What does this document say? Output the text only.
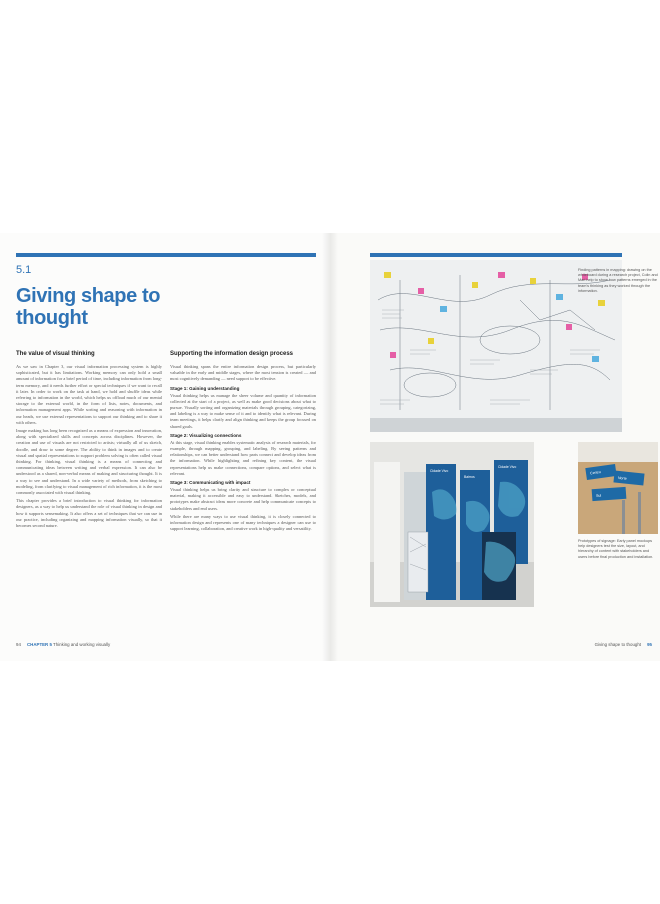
5.1
Giving shape to thought
The value of visual thinking

As we saw in Chapter 3, our visual information processing system is highly sophisticated, but it has limitations. Working memory can only hold a small amount of information for a brief period of time, including information from long-term memory, and it needs further effort or special techniques if we want to recall it later. In order to work on the task at hand, we hold and shuffle ideas while referring to information in the world, which helps us offload much of our mental storage to the external world, in the form of lists, notes, documents, and information management apps. While sorting and reasoning with information in our heads, we use external representations to support our thinking and to share it with others.

Image making has long been recognized as a means of expression and innovation, along with specialized skills and concepts across disciplines. However, the creation and use of visuals are not restricted to artists; virtually all of us sketch, doodle, and draw to some degree. The ability to think in images and to create visual and spatial representations to support problem solving is often called visual thinking. For thinking, visual thinking is a means of connecting and communicating ideas between writing and verbal expression. It can also be understood as a shared, non-verbal means of making and structuring thought. It is a way to see and understand. In a wide variety of methods, from sketching to modeling, from clarifying to visual management of rich information, it is the most commonly associated with visual thinking.

This chapter provides a brief introduction to visual thinking for information designers, as a way to help us understand the role of visual thinking in design and how it supports sensemaking. It also offers a set of techniques that we can use in our practice, including organizing and mapping information visually, so that it becomes second nature.

Supporting the information design process

Visual thinking spans the entire information design process, but particularly valuable in the early and middle stages, where the most tension is created — and most cognitively demanding — need support to be effective.

Stage 1: Gaining understanding

Visual thinking helps us manage the sheer volume and quantity of information collected at the start of a project, as well as make good decisions about what to pursue. Visually sorting and organizing materials through grouping, categorizing, and labeling is a way to make sense of it and to identify what is relevant. During team meetings, it helps clarify and align thinking and keeps the group focused on shared goals.

Stage 2: Visualizing connections

At this stage, visual thinking enables systematic analysis of research materials, for example, through mapping, grouping, and labeling. By seeing patterns and relationships, we can better understand how parts connect and develop ideas from the information. While highlighting and refining key content, the visual representations help us make connections, compare options, and select what is relevant.

Stage 3: Communicating with impact

Visual thinking helps us bring clarity and structure to complex or conceptual material, making it accessible and easy to understand. Sketches, models, and prototypes make abstract ideas more concrete and help communicate concepts to stakeholders and end users.

While there are many ways to use visual thinking, it is closely connected to information design and represents one of many techniques a designer can use to support learning, collaboration, and creative work in high-quality and versatility.

94 CHAPTER 5 Thinking and working visually
Finding patterns in mapping: drawing on the whiteboard during a research project, Colin and Mari help to show how patterns emerged in the team's thinking as they worked through the information.
Cidade Vivo
Bairros
Cidade Vivo
Centro
Norte
Sul
Prototypes of signage: Early panel mockups help designers test the size, layout, and hierarchy of content with stakeholders and users before final production and installation.
Giving shape to thought 95
